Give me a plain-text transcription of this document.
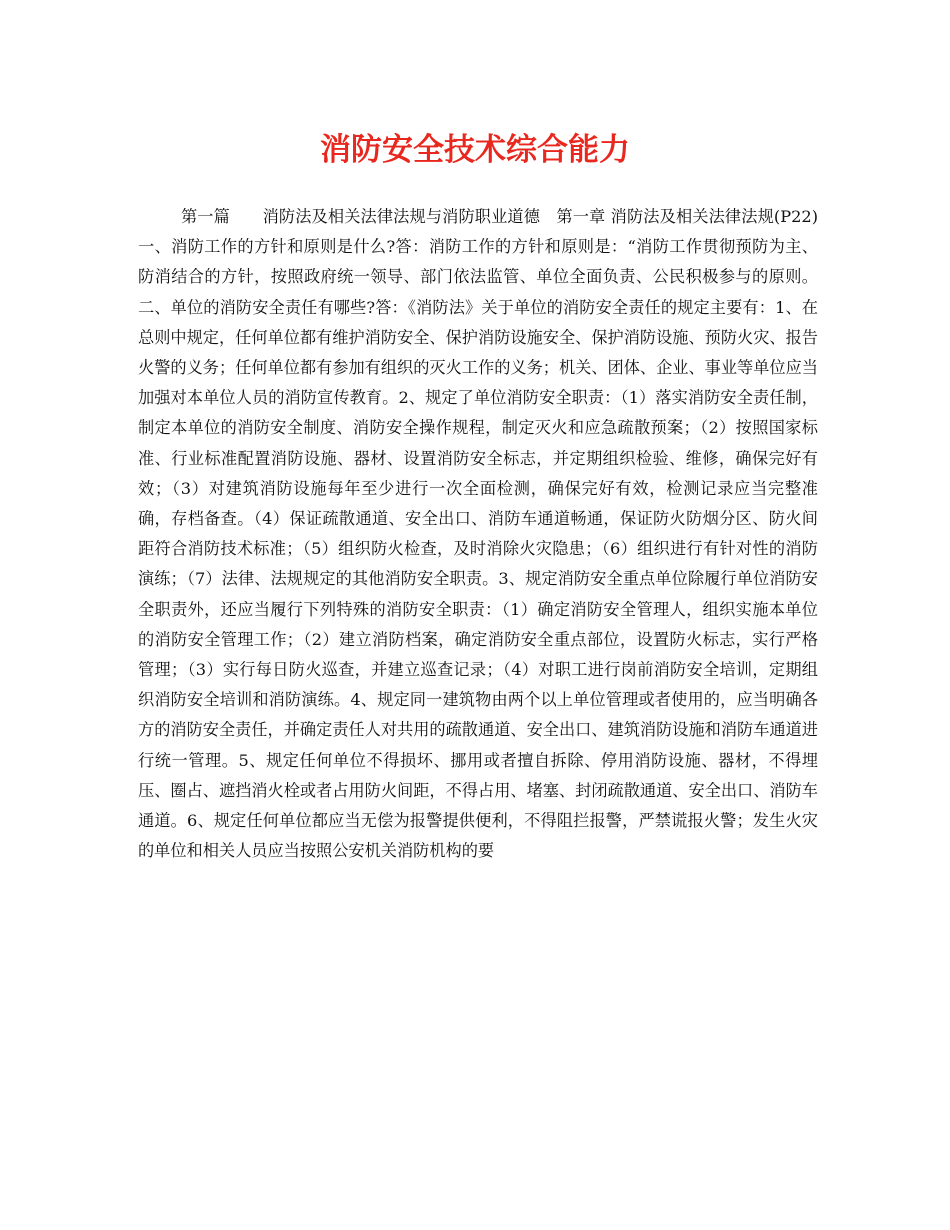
消防安全技术综合能力

第一篇　　消防法及相关法律法规与消防职业道德　第一章 消防法及相关法律法规(P22)一、消防工作的方针和原则是什么?答：消防工作的方针和原则是：“消防工作贯彻预防为主、防消结合的方针，按照政府统一领导、部门依法监管、单位全面负责、公民积极参与的原则。二、单位的消防安全责任有哪些?答：《消防法》关于单位的消防安全责任的规定主要有：1、在总则中规定，任何单位都有维护消防安全、保护消防设施安全、保护消防设施、预防火灾、报告火警的义务；任何单位都有参加有组织的灭火工作的义务；机关、团体、企业、事业等单位应当加强对本单位人员的消防宣传教育。2、规定了单位消防安全职责：（1）落实消防安全责任制，制定本单位的消防安全制度、消防安全操作规程，制定灭火和应急疏散预案；（2）按照国家标准、行业标准配置消防设施、器材、设置消防安全标志，并定期组织检验、维修，确保完好有效；（3）对建筑消防设施每年至少进行一次全面检测，确保完好有效，检测记录应当完整准确，存档备查。（4）保证疏散通道、安全出口、消防车通道畅通，保证防火防烟分区、防火间距符合消防技术标准；（5）组织防火检查，及时消除火灾隐患；（6）组织进行有针对性的消防演练；（7）法律、法规规定的其他消防安全职责。3、规定消防安全重点单位除履行单位消防安全职责外，还应当履行下列特殊的消防安全职责：（1）确定消防安全管理人，组织实施本单位的消防安全管理工作；（2）建立消防档案，确定消防安全重点部位，设置防火标志，实行严格管理；（3）实行每日防火巡查，并建立巡查记录；（4）对职工进行岗前消防安全培训，定期组织消防安全培训和消防演练。4、规定同一建筑物由两个以上单位管理或者使用的，应当明确各方的消防安全责任，并确定责任人对共用的疏散通道、安全出口、建筑消防设施和消防车通道进行统一管理。5、规定任何单位不得损坏、挪用或者擅自拆除、停用消防设施、器材，不得埋压、圈占、遮挡消火栓或者占用防火间距，不得占用、堵塞、封闭疏散通道、安全出口、消防车通道。6、规定任何单位都应当无偿为报警提供便利，不得阻拦报警，严禁谎报火警；发生火灾的单位和相关人员应当按照公安机关消防机构的要
